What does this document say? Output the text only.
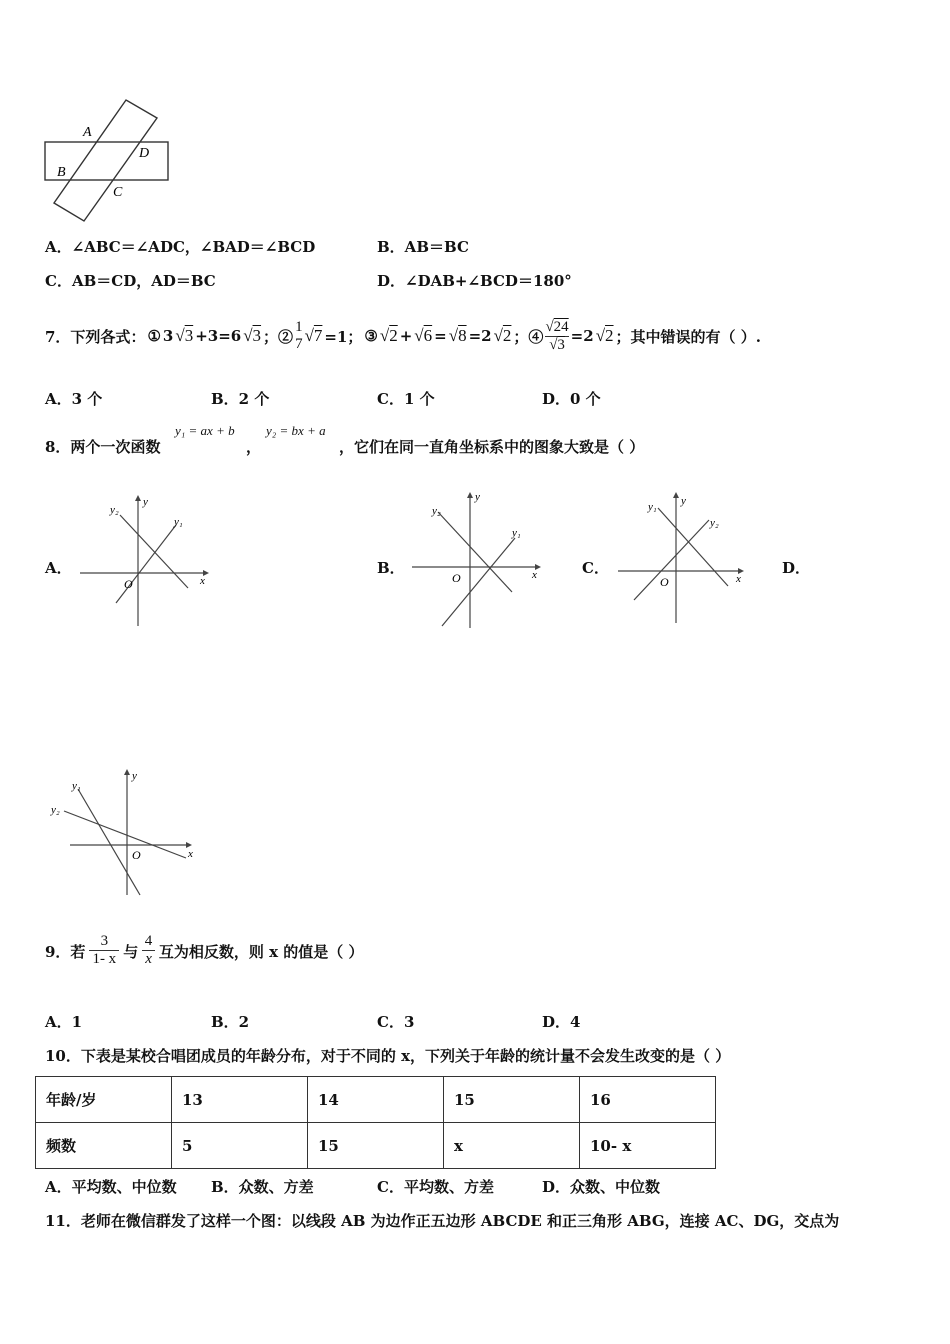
A
D
B
C
A．∠ABC＝∠ADC，∠BAD＝∠BCD	B．AB＝BC
C．AB＝CD，AD＝BC	D．∠DAB+∠BCD＝180°
7．下列各式： ① 3 √3 +3=6 √3 ；②
1
7 √7 =1； ③ √2 + √6 = √8 =2 √2 ；④ $\frac{√24}{√3} =2$ √2 ；其中错误的有（ ）.
A．3 个	B．2 个	C．1 个	D．0 个
8．两个一次函数
y₁ = ax + b
，
y₂ = bx + a
，它们在同一直角坐标系中的图象大致是（ ）
A．	B．	C．	D．
x
y
O
y₂
y₁
x
y
O
y₂
y₁
x
y
O
y₁
y₂
x
y
O
y₁
y₂
9．若 $\frac{3}{1- x}$ 与 $\frac{4}{x}$ 互为相反数，则 x 的值是（ ）
A．1	B．2	C．3	D．4
10．下表是某校合唱团成员的年龄分布，对于不同的 x，下列关于年龄的统计量不会发生改变的是（ ）
年龄/岁	13	14	15	16
频数	5	15	x	10- x
A．平均数、中位数 B．众数、方差	C．平均数、方差	D．众数、中位数
11．老师在微信群发了这样一个图：以线段 AB 为边作正五边形 ABCDE 和正三角形 ABG，连接 AC、DG，交点为
